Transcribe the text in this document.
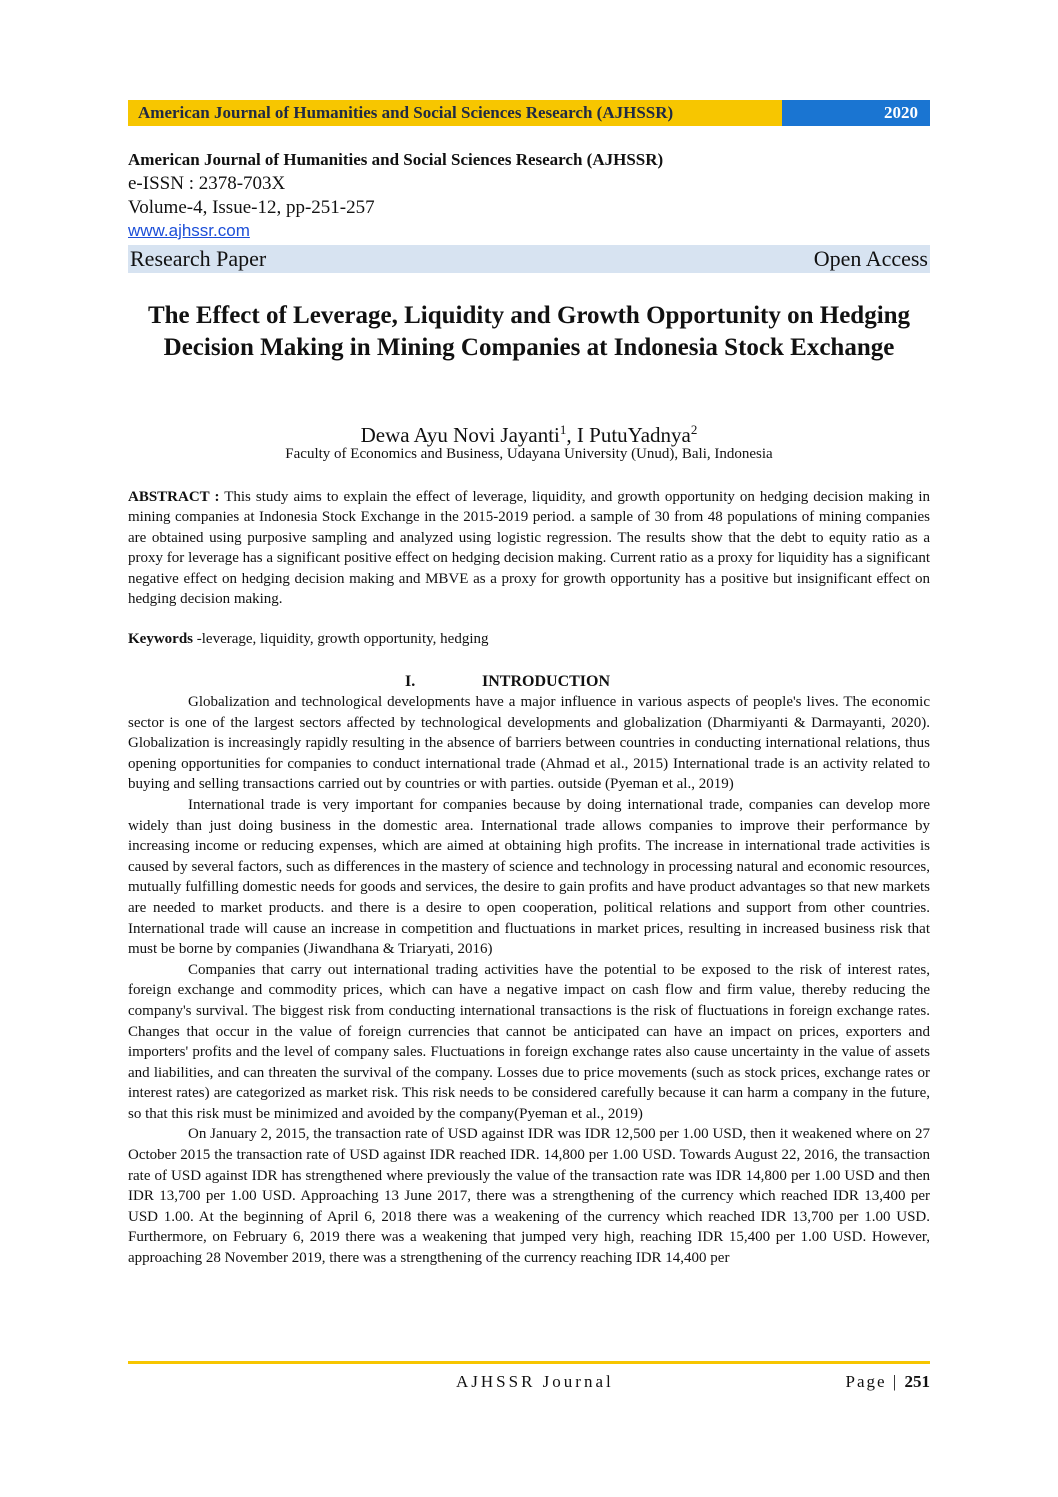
American Journal of Humanities and Social Sciences Research (AJHSSR)	2020
American Journal of Humanities and Social Sciences Research (AJHSSR)
e-ISSN : 2378-703X
Volume-4, Issue-12, pp-251-257
www.ajhssr.com
Research Paper	Open Access
The Effect of Leverage, Liquidity and Growth Opportunity on Hedging Decision Making in Mining Companies at Indonesia Stock Exchange
Dewa Ayu Novi Jayanti$^1$, I PutuYadnya$^2$
Faculty of Economics and Business, Udayana University (Unud), Bali, Indonesia
ABSTRACT : This study aims to explain the effect of leverage, liquidity, and growth opportunity on hedging decision making in mining companies at Indonesia Stock Exchange in the 2015-2019 period. a sample of 30 from 48 populations of mining companies are obtained using purposive sampling and analyzed using logistic regression. The results show that the debt to equity ratio as a proxy for leverage has a significant positive effect on hedging decision making. Current ratio as a proxy for liquidity has a significant negative effect on hedging decision making and MBVE as a proxy for growth opportunity has a positive but insignificant effect on hedging decision making.
Keywords -leverage, liquidity, growth opportunity, hedging
I.	INTRODUCTION

Globalization and technological developments have a major influence in various aspects of people's lives. The economic sector is one of the largest sectors affected by technological developments and globalization (Dharmiyanti & Darmayanti, 2020). Globalization is increasingly rapidly resulting in the absence of barriers between countries in conducting international relations, thus opening opportunities for companies to conduct international trade (Ahmad et al., 2015) International trade is an activity related to buying and selling transactions carried out by countries or with parties. outside (Pyeman et al., 2019)

International trade is very important for companies because by doing international trade, companies can develop more widely than just doing business in the domestic area. International trade allows companies to improve their performance by increasing income or reducing expenses, which are aimed at obtaining high profits. The increase in international trade activities is caused by several factors, such as differences in the mastery of science and technology in processing natural and economic resources, mutually fulfilling domestic needs for goods and services, the desire to gain profits and have product advantages so that new markets are needed to market products. and there is a desire to open cooperation, political relations and support from other countries. International trade will cause an increase in competition and fluctuations in market prices, resulting in increased business risk that must be borne by companies (Jiwandhana & Triaryati, 2016)

Companies that carry out international trading activities have the potential to be exposed to the risk of interest rates, foreign exchange and commodity prices, which can have a negative impact on cash flow and firm value, thereby reducing the company's survival. The biggest risk from conducting international transactions is the risk of fluctuations in foreign exchange rates. Changes that occur in the value of foreign currencies that cannot be anticipated can have an impact on prices, exporters and importers' profits and the level of company sales. Fluctuations in foreign exchange rates also cause uncertainty in the value of assets and liabilities, and can threaten the survival of the company. Losses due to price movements (such as stock prices, exchange rates or interest rates) are categorized as market risk. This risk needs to be considered carefully because it can harm a company in the future, so that this risk must be minimized and avoided by the company(Pyeman et al., 2019)

On January 2, 2015, the transaction rate of USD against IDR was IDR 12,500 per 1.00 USD, then it weakened where on 27 October 2015 the transaction rate of USD against IDR reached IDR. 14,800 per 1.00 USD. Towards August 22, 2016, the transaction rate of USD against IDR has strengthened where previously the value of the transaction rate was IDR 14,800 per 1.00 USD and then IDR 13,700 per 1.00 USD. Approaching 13 June 2017, there was a strengthening of the currency which reached IDR 13,400 per USD 1.00. At the beginning of April 6, 2018 there was a weakening of the currency which reached IDR 13,700 per 1.00 USD. Furthermore, on February 6, 2019 there was a weakening that jumped very high, reaching IDR 15,400 per 1.00 USD. However, approaching 28 November 2019, there was a strengthening of the currency reaching IDR 14,400 per

AJHSSR Journal	Page | 251
